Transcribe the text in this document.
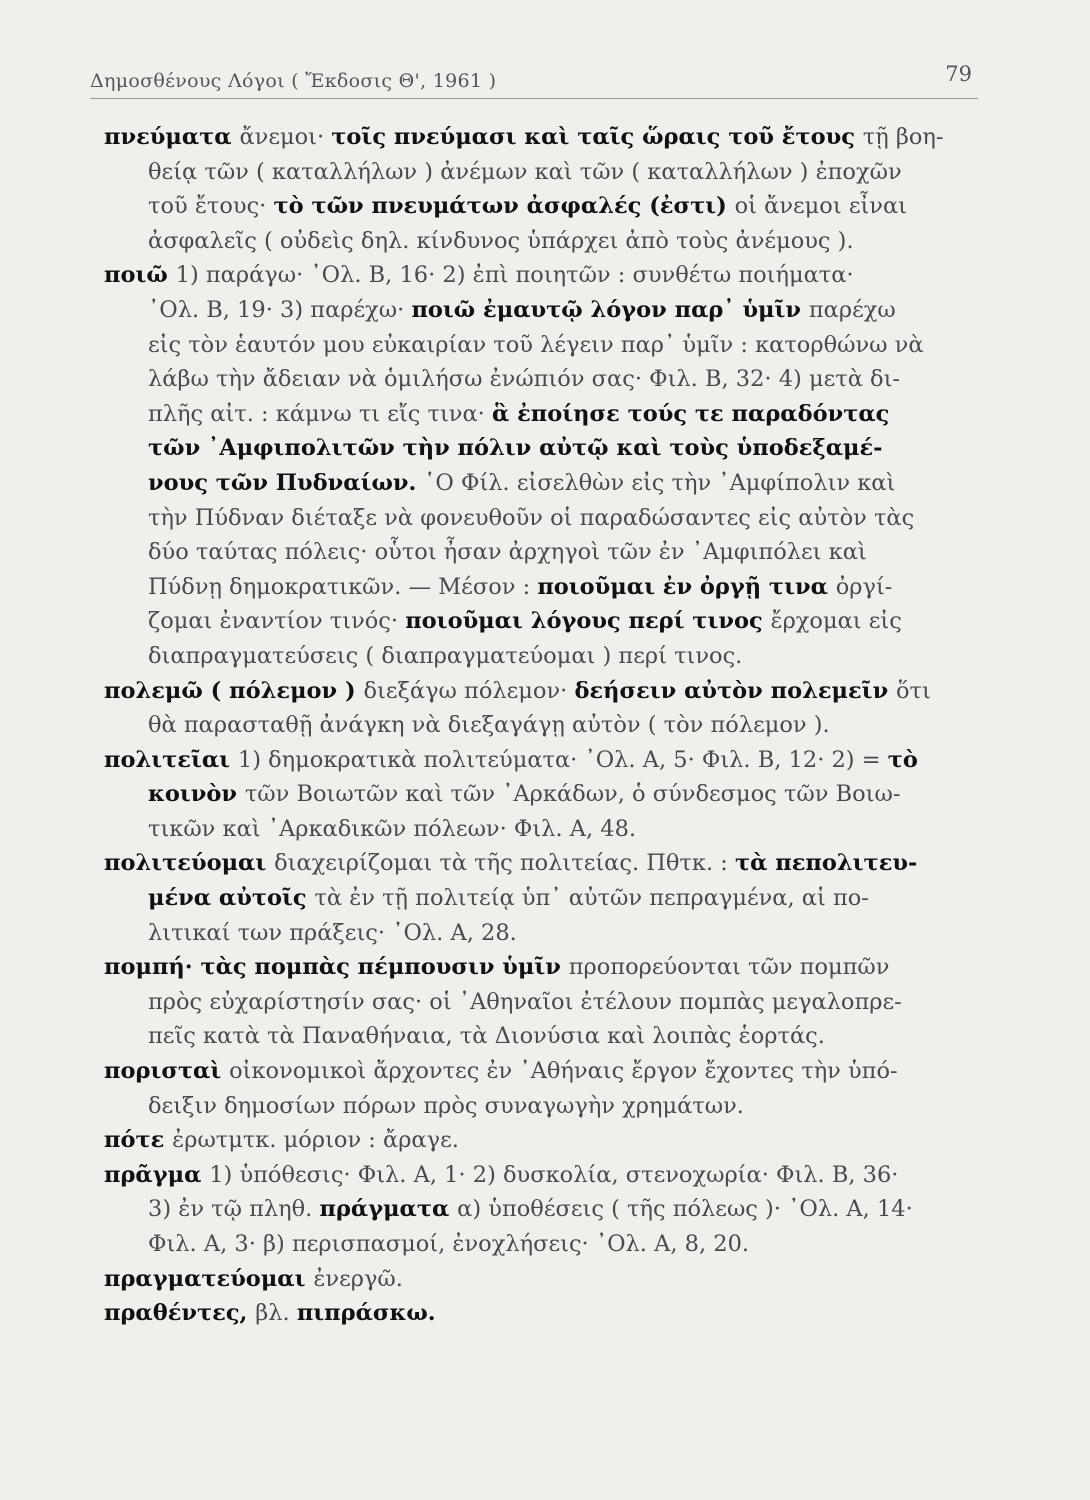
Δημοσθένους Λόγοι ( Ἔκδοσις Θ', 1961 )	79
πνεύματα ἄνεμοι· τοῖς πνεύμασι καὶ ταῖς ὥραις τοῦ ἔτους τῇ βοη-
θείᾳ τῶν ( καταλλήλων ) ἀνέμων καὶ τῶν ( καταλλήλων ) ἐποχῶν
τοῦ ἔτους· τὸ τῶν πνευμάτων ἀσφαλές (ἐστι) οἱ ἄνεμοι εἶναι
ἀσφαλεῖς ( οὐδεὶς δηλ. κίνδυνος ὑπάρχει ἀπὸ τοὺς ἀνέμους ).
ποιῶ 1) παράγω· ᾽Ολ. Β, 16· 2) ἐπὶ ποιητῶν : συνθέτω ποιήματα·
᾽Ολ. Β, 19· 3) παρέχω· ποιῶ ἐμαυτῷ λόγον παρ᾽ ὑμῖν παρέχω
εἰς τὸν ἑαυτόν μου εὐκαιρίαν τοῦ λέγειν παρ᾽ ὑμῖν : κατορθώνω νὰ
λάβω τὴν ἄδειαν νὰ ὁμιλήσω ἐνώπιόν σας· Φιλ. Β, 32· 4) μετὰ δι-
πλῆς αἰτ. : κάμνω τι εἴς τινα· ἃ ἐποίησε τούς τε παραδόντας
τῶν ᾽Αμφιπολιτῶν τὴν πόλιν αὐτῷ καὶ τοὺς ὑποδεξαμέ-
νους τῶν Πυδναίων. ῾Ο Φίλ. εἰσελθὼν εἰς τὴν ᾽Αμφίπολιν καὶ
τὴν Πύδναν διέταξε νὰ φονευθοῦν οἱ παραδώσαντες εἰς αὐτὸν τὰς
δύο ταύτας πόλεις· οὗτοι ἦσαν ἀρχηγοὶ τῶν ἐν ᾽Αμφιπόλει καὶ
Πύδνῃ δημοκρατικῶν. — Μέσον : ποιοῦμαι ἐν ὀργῇ τινα ὀργί-
ζομαι ἐναντίον τινός· ποιοῦμαι λόγους περί τινος ἔρχομαι εἰς
διαπραγματεύσεις ( διαπραγματεύομαι ) περί τινος.
πολεμῶ ( πόλεμον ) διεξάγω πόλεμον· δεήσειν αὐτὸν πολεμεῖν ὅτι
θὰ παρασταθῇ ἀνάγκη νὰ διεξαγάγῃ αὐτὸν ( τὸν πόλεμον ).
πολιτεῖαι 1) δημοκρατικὰ πολιτεύματα· ᾽Ολ. Α, 5· Φιλ. Β, 12· 2) = τὸ
κοινὸν τῶν Βοιωτῶν καὶ τῶν ᾽Αρκάδων, ὁ σύνδεσμος τῶν Βοιω-
τικῶν καὶ ᾽Αρκαδικῶν πόλεων· Φιλ. Α, 48.
πολιτεύομαι διαχειρίζομαι τὰ τῆς πολιτείας. Πθτκ. : τὰ πεπολιτευ-
μένα αὐτοῖς τὰ ἐν τῇ πολιτείᾳ ὑπ᾽ αὐτῶν πεπραγμένα, αἱ πο-
λιτικαί των πράξεις· ᾽Ολ. Α, 28.
πομπή· τὰς πομπὰς πέμπουσιν ὑμῖν προπορεύονται τῶν πομπῶν
πρὸς εὐχαρίστησίν σας· οἱ ᾽Αθηναῖοι ἐτέλουν πομπὰς μεγαλοπρε-
πεῖς κατὰ τὰ Παναθήναια, τὰ Διονύσια καὶ λοιπὰς ἑορτάς.
πορισταὶ οἰκονομικοὶ ἄρχοντες ἐν ᾽Αθήναις ἔργον ἔχοντες τὴν ὑπό-
δειξιν δημοσίων πόρων πρὸς συναγωγὴν χρημάτων.
πότε ἐρωτμτκ. μόριον : ἄραγε.
πρᾶγμα 1) ὑπόθεσις· Φιλ. Α, 1· 2) δυσκολία, στενοχωρία· Φιλ. Β, 36·
3) ἐν τῷ πληθ. πράγματα α) ὑποθέσεις ( τῆς πόλεως )· ᾽Ολ. Α, 14·
Φιλ. Α, 3· β) περισπασμοί, ἐνοχλήσεις· ᾽Ολ. Α, 8, 20.
πραγματεύομαι ἐνεργῶ.
πραθέντες, βλ. πιπράσκω.
